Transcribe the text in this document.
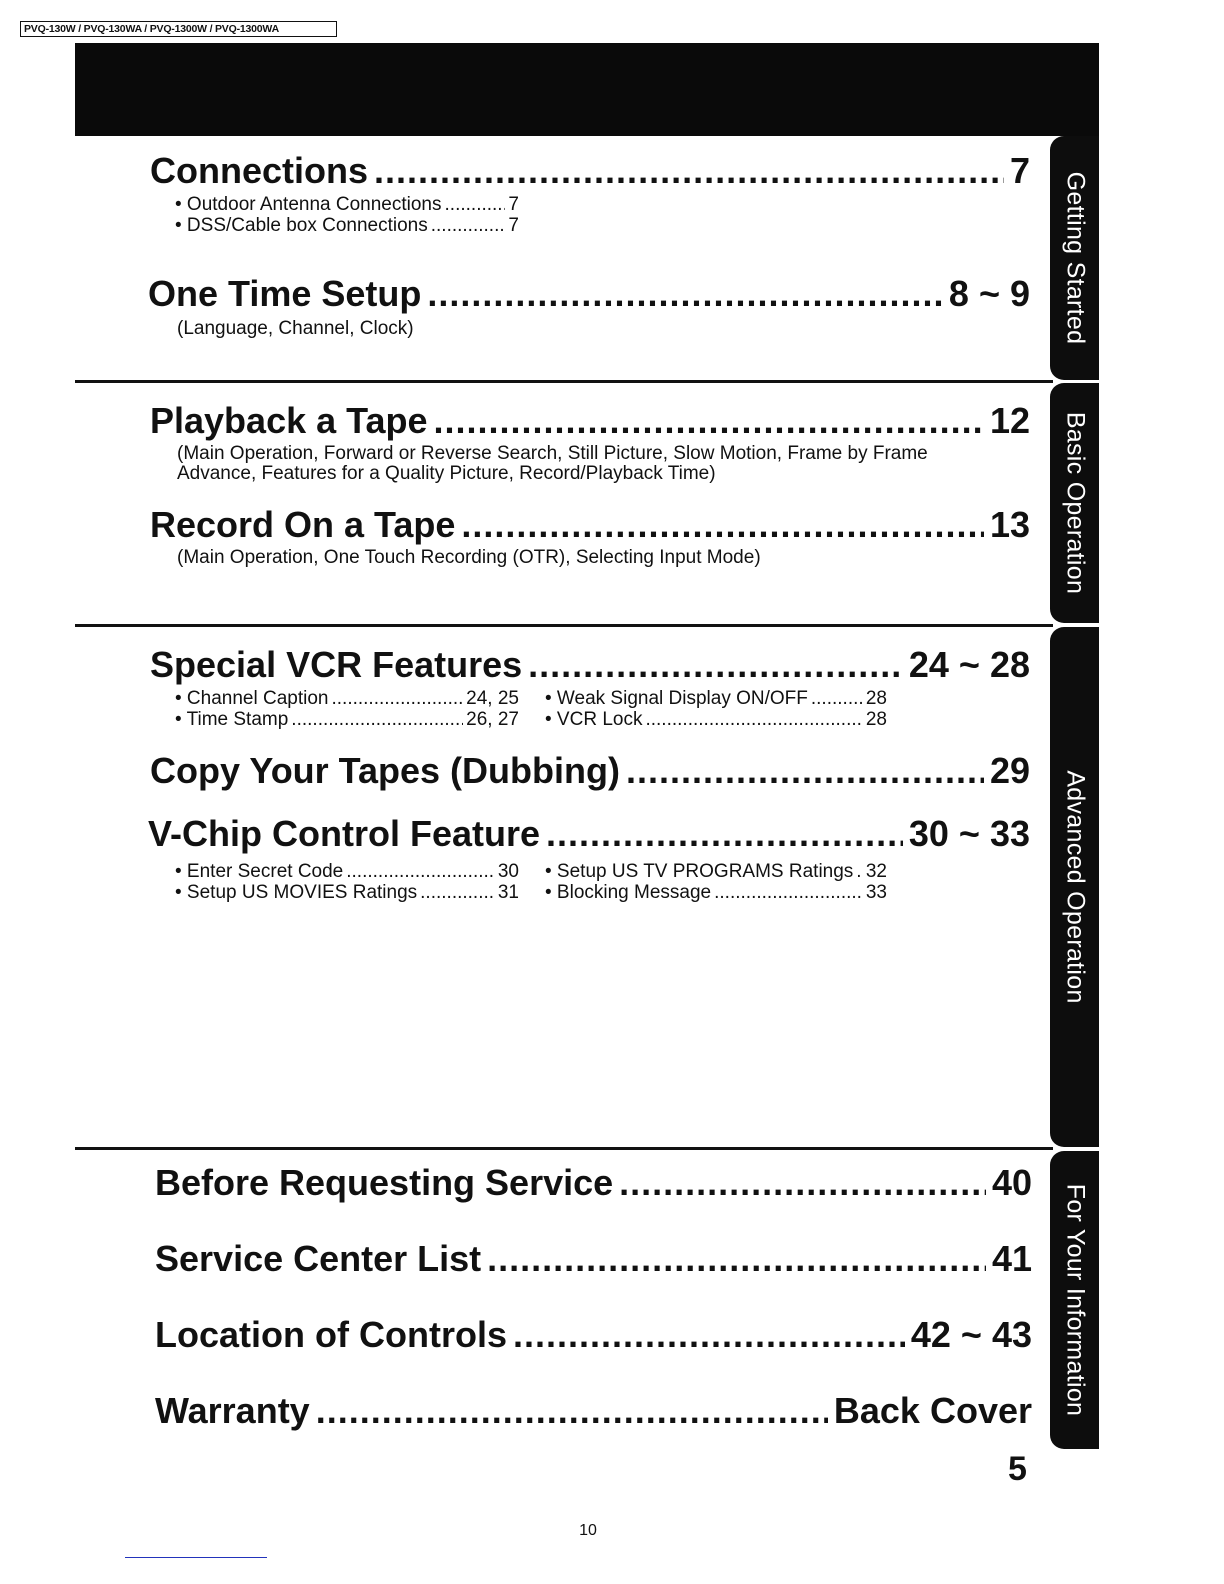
PVQ-130W / PVQ-130WA / PVQ-1300W / PVQ-1300WA
Getting Started
Basic Operation
Advanced Operation
For Your Information
Connections .....	7
• Outdoor Antenna Connections .....	7
• DSS/Cable box Connections .....	7
One Time Setup .....	8 ~ 9
(Language, Channel, Clock)
Playback a Tape .....	12
(Main Operation, Forward or Reverse Search, Still Picture, Slow Motion, Frame by Frame
Advance, Features for a Quality Picture, Record/Playback Time)
Record On a Tape .....	13
(Main Operation, One Touch Recording (OTR), Selecting Input Mode)
Special VCR Features .....	24 ~ 28
• Channel Caption .....	24, 25 • Weak Signal Display ON/OFF .....	28
• Time Stamp .....	26, 27 • VCR Lock .....	28
Copy Your Tapes (Dubbing) .....	29
V-Chip Control Feature .....	30 ~ 33
• Enter Secret Code .....	30 • Setup US TV PROGRAMS Ratings ..... 32
• Setup US MOVIES Ratings .....	31 • Blocking Message .....	33
Before Requesting Service .....	40
Service Center List .....	41
Location of Controls .....	42 ~ 43
Warranty .....	Back Cover
5
10
